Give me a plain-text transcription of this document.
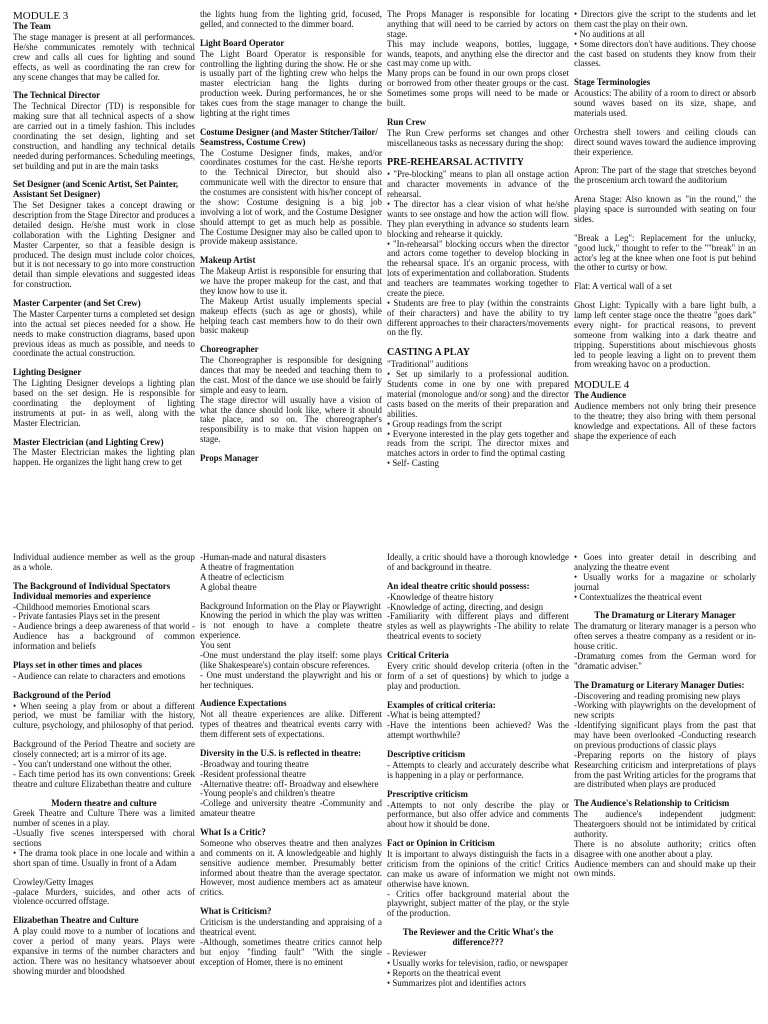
MODULE 3
The Team

The stage manager is present at all performances. He/she communicates remotely with technical crew and calls all cues for lighting and sound effects, as well as coordinating the ran crew for any scene changes that may be called for.

The Technical Director

The Technical Director (TD) is responsible for making sure that all technical aspects of a show are carried out in a timely fashion. This includes coordinating the set design, lighting and set construction, and handling any technical details needed during performances. Scheduling meetings, set building and put in are the main tasks

Set Designer (and Scenic Artist, Set Painter, Assistant Set Designer)

The Set Designer takes a concept drawing or description from the Stage Director and produces a detailed design. He/she must work in close collaboration with the Lighting Designer and Master Carpenter, so that a feasible design is produced. The design must include color choices, but it is not necessary to go into more construction detail than simple elevations and suggested ideas for construction.

Master Carpenter (and Set Crew)

The Master Carpenter turns a completed set design into the actual set pieces needed for a show. He needs to make construction diagrams, based upon previous ideas as much as possible, and needs to coordinate the actual construction.

Lighting Designer

The Lighting Designer develops a lighting plan based on the set design. He is responsible for coordinating the deployment of lighting instruments at put- in as well, along with the Master Electrician.

Master Electrician (and Lighting Crew)

The Master Electrician makes the lighting plan happen. He organizes the light hang crew to get

the lights hung from the lighting grid, focused, gelled, and connected to the dimmer board.

Light Board Operator

The Light Board Operator is responsible for controlling the lighting during the show. He or she is usually part of the lighting crew who helps the master electrician hang the lights during production week. During performances, he or she takes cues from the stage manager to change the lighting at the right times

Costume Designer (and Master Stitcher/Tailor/ Seamstress, Costume Crew)

The Costume Designer finds, makes, and/or coordinates costumes for the cast. He/she reports to the Technical Director, but should also communicate well with the director to ensure that the costumes are consistent with his/her concept of the show: Costume designing is a big job involving a lot of work, and the Costume Designer should attempt to get as much help as possible. The Costume Designer may also be called upon to provide makeup assistance.

Makeup Artist

The Makeup Artist is responsible for ensuring that we have the proper makeup for the cast, and that they know how to use it.
The Makeup Artist usually implements special makeup effects (such as age or ghosts), while helping teach cast members how to do their own basic makeup

Choreographer

The Choreographer is responsible for designing dances that may be needed and teaching them to the cast. Most of the dance we use should be fairly simple and easy to learn.
The stage director will usually have a vision of what the dance should look like, where it should take place, and so on. The choreographer's responsibility is to make that vision happen on stage.

Props Manager

The Props Manager is responsible for locating anything that will need to be carried by actors on stage.
This may include weapons, bottles, luggage, wands, teapots, and anything else the director and cast may come up with.
Many props can be found in our own props closet or borrowed from other theater groups or the cast. Sometimes some props will need to be made or built.

Run Crew

The Run Crew performs set changes and other miscellaneous tasks as necessary during the shop:

PRE-REHEARSAL ACTIVITY

• "Pre-blocking" means to plan all onstage action and character movements in advance of the rehearsal.
• The director has a clear vision of what he/she wants to see onstage and how the action will flow. They plan everything in advance so students learn blocking and rehearse it quickly.
• "In-rehearsal" blocking occurs when the director and actors come together to develop blocking in the rehearsal space. It's an organic process, with lots of experimentation and collaboration. Students and teachers are teammates working together to create the piece.
• Students are free to play (within the constraints of their characters) and have the ability to try different approaches to their characters/movements on the fly.

CASTING A PLAY

"Traditional" auditions
• Set up similarly to a professional audition. Students come in one by one with prepared material (monologue and/or song) and the director casts based on the merits of their preparation and abilities.
• Group readings from the script
• Everyone interested in the play gets together and reads from the script. The director mixes and matches actors in order to find the optimal casting
• Self- Casting

• Directors give the script to the students and let them cast the play on their own.
• No auditions at all
• Some directors don't have auditions. They choose the cast based on students they know from their classes.

Stage Terminologies

Acoustics: The ability of a room to direct or absorb sound waves based on its size, shape, and materials used.

Orchestra shell towers and ceiling clouds can direct sound waves toward the audience improving their experience.

Apron: The part of the stage that stretches beyond the proscenium arch toward the auditorium

Arena Stage: Also known as "in the round," the playing space is surrounded with seating on four sides.

"Break a Leg": Replacement for the unlucky, "good luck," thought to refer to the ""break" in an actor's leg at the knee when one foot is put behind the other to curtsy or bow.

Flat: A vertical wall of a set

Ghost Light: Typically with a bare light bulb, a lamp left center stage once the theatre "goes dark" every night- for practical reasons, to prevent someone from walking into a dark theatre and tripping. Superstitions about mischievous ghosts led to people leaving a light on to prevent them from wreaking havoc on a production.

MODULE 4
The Audience

Audience members not only bring their presence to the theatre; they also bring with them personal knowledge and expectations. All of these factors shape the experience of each

Individual audience member as well as the group as a whole.

The Background of Individual Spectators
Individual memories and experience

-Childhood memories Emotional scars
- Private fantasies Plays set in the present
- Audience brings a deep awareness of that world - Audience has a background of common information and beliefs

Plays set in other times and places

- Audience can relate to characters and emotions

Background of the Period

• When seeing a play from or about a different period, we must be familiar with the history, culture, psychology, and philosophy of that period.

Background of the Period Theatre and society are closely connected; art is a mirror of its age.
- You can't understand one without the other.
- Each time period has its own conventions: Greek theatre and culture Elizabethan theatre and culture

Modern theatre and culture

Greek Theatre and Culture There was a limited number of scenes in a play.
-Usually five scenes interspersed with choral sections
• The drama took place in one locale and within a short span of time. Usually in front of a Adam

Crowley/Getty Images
-palace Murders, suicides, and other acts of violence occurred offstage.

Elizabethan Theatre and Culture

A play could move to a number of locations and cover a period of many years. Plays were expansive in terms of the number characters and action. There was no hesitancy whatsoever about showing murder and bloodshed

-Human-made and natural disasters
A theatre of fragmentation
A theatre of eclecticism
A global theatre

Background Information on the Play or Playwright
Knowing the period in which the play was written is not enough to have a complete theatre experience.
You sent
-One must understand the play itself: some plays (like Shakespeare's) contain obscure references.
- One must understand the playwright and his or her techniques.

Audience Expectations

Not all theatre experiences are alike. Different types of theatres and theatrical events carry with them different sets of expectations.

Diversity in the U.S. is reflected in theatre:

-Broadway and touring theatre
-Resident professional theatre
-Alternative theatre: off- Broadway and elsewhere
-Young people's and children's theatre
-College and university theatre -Community and amateur theatre

What Is a Critic?

Someone who observes theatre and then analyzes and comments on it. A knowledgeable and highly sensitive audience member. Presumably better informed about theatre than the average spectator. However, most audience members act as amateur critics.

What is Criticism?

Criticism is the understanding and appraising of a theatrical event.
-Although, sometimes theatre critics cannot help but enjoy "finding fault" "With the single exception of Homer, there is no eminent

Ideally, a critic should have a thorough knowledge of and background in theatre.

An ideal theatre critic should possess:

-Knowledge of theatre history
-Knowledge of acting, directing, and design
-Familiarity with different plays and different styles as well as playwrights -The ability to relate theatrical events to society

Critical Criteria

Every critic should develop criteria (often in the form of a set of questions) by which to judge a play and production.

Examples of critical criteria:

-What is being attempted?
-Have the intentions been achieved? Was the attempt worthwhile?

Descriptive criticism

- Attempts to clearly and accurately describe what is happening in a play or performance.

Prescriptive criticism

-Attempts to not only describe the play or performance, but also offer advice and comments about how it should be done.

Fact or Opinion in Criticism

It is important to always distinguish the facts in a criticism from the opinions of the critic! Critics can make us aware of information we might not otherwise have known.
- Critics offer background material about the playwright, subject matter of the play, or the style of the production.

The Reviewer and the Critic What's the difference???

- Reviewer
• Usually works for television, radio, or newspaper
• Reports on the theatrical event
• Summarizes plot and identifies actors

• Goes into greater detail in describing and analyzing the theatre event
• Usually works for a magazine or scholarly journal
• Contextualizes the theatrical event

The Dramaturg or Literary Manager

The dramaturg or literary manager is a person who often serves a theatre company as a resident or in-house critic.
-Dramaturg comes from the German word for "dramatic adviser."

The Dramaturg or Literary Manager Duties:

-Discovering and reading promising new plays
-Working with playwrights on the development of new scripts
-Identifying significant plays from the past that may have been overlooked -Conducting research on previous productions of classic plays
-Preparing reports on the history of plays Researching criticism and interpretations of plays from the past Writing articles for the programs that are distributed when plays are produced

The Audience's Relationship to Criticism

The audience's independent judgment: Theatergoers should not be intimidated by critical authority.
There is no absolute authority; critics often disagree with one another about a play.
Audience members can and should make up their own minds.
